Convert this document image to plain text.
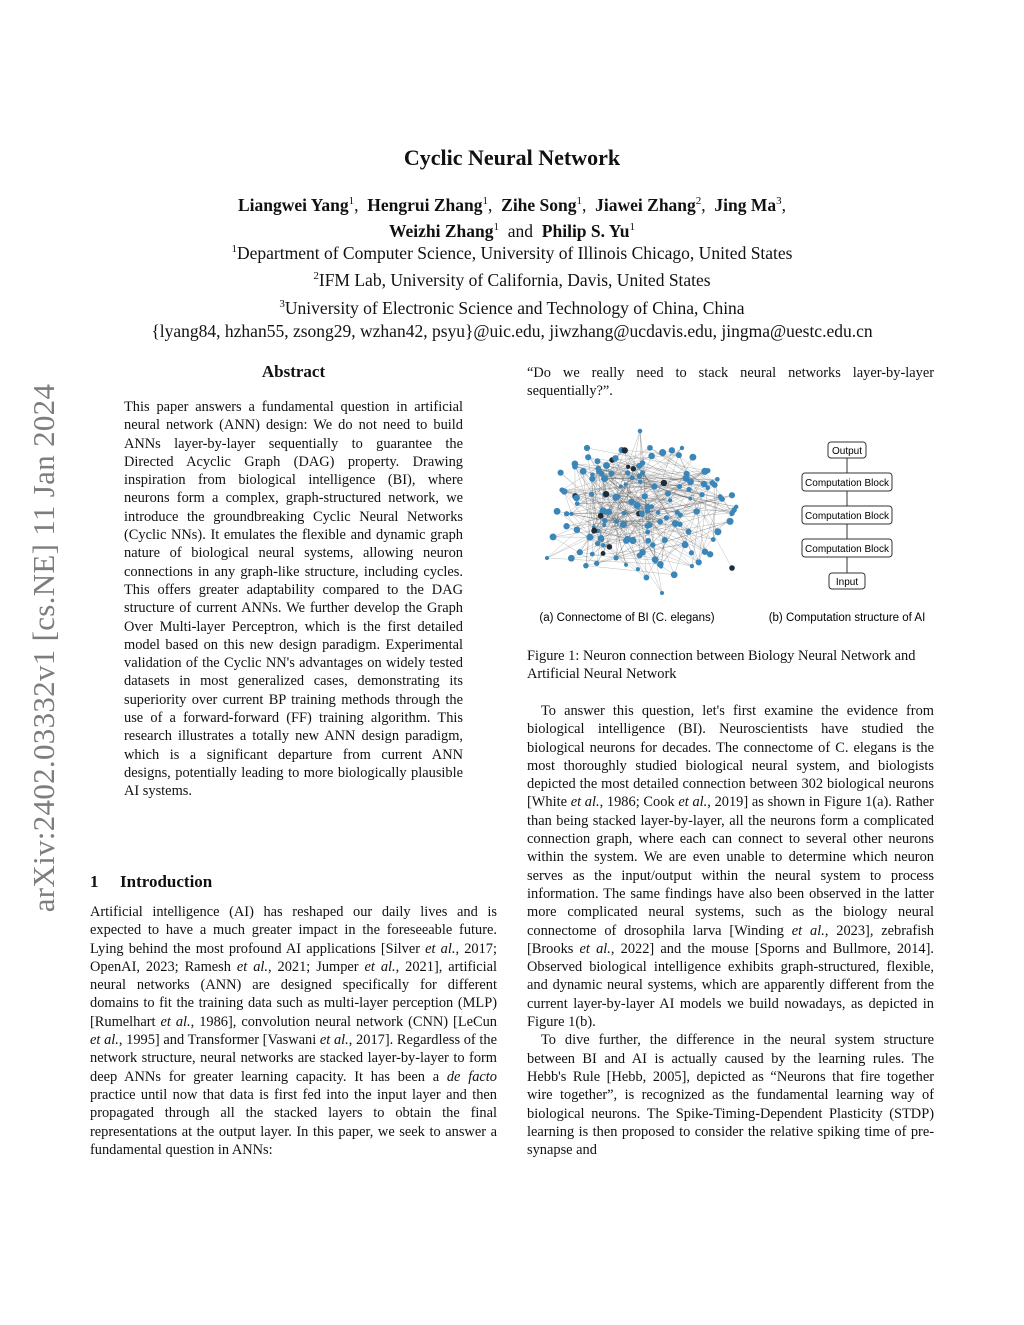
arXiv:2402.03332v1 [cs.NE] 11 Jan 2024
Cyclic Neural Network
Liangwei Yang$^1$,  Hengrui Zhang$^1$,  Zihe Song$^1$,  Jiawei Zhang$^2$,  Jing Ma$^3$,
Weizhi Zhang$^1$ and Philip S. Yu$^1$
$^1$Department of Computer Science, University of Illinois Chicago, United States
$^2$IFM Lab, University of California, Davis, United States
$^3$University of Electronic Science and Technology of China, China
{lyang84, hzhan55, zsong29, wzhan42, psyu}@uic.edu, jiwzhang@ucdavis.edu, jingma@uestc.edu.cn
Abstract

This paper answers a fundamental question in artificial neural network (ANN) design: We do not need to build ANNs layer-by-layer sequentially to guarantee the Directed Acyclic Graph (DAG) property. Drawing inspiration from biological intelligence (BI), where neurons form a complex, graph-structured network, we introduce the groundbreaking Cyclic Neural Networks (Cyclic NNs). It emulates the flexible and dynamic graph nature of biological neural systems, allowing neuron connections in any graph-like structure, including cycles. This offers greater adaptability compared to the DAG structure of current ANNs. We further develop the Graph Over Multi-layer Perceptron, which is the first detailed model based on this new design paradigm. Experimental validation of the Cyclic NN's advantages on widely tested datasets in most generalized cases, demonstrating its superiority over current BP training methods through the use of a forward-forward (FF) training algorithm. This research illustrates a totally new ANN design paradigm, which is a significant departure from current ANN designs, potentially leading to more biologically plausible AI systems.

1 Introduction

Artificial intelligence (AI) has reshaped our daily lives and is expected to have a much greater impact in the foreseeable future. Lying behind the most profound AI applications [Silver et al., 2017; OpenAI, 2023; Ramesh et al., 2021; Jumper et al., 2021], artificial neural networks (ANN) are designed specifically for different domains to fit the training data such as multi-layer perception (MLP) [Rumelhart et al., 1986], convolution neural network (CNN) [LeCun et al., 1995] and Transformer [Vaswani et al., 2017]. Regardless of the network structure, neural networks are stacked layer-by-layer to form deep ANNs for greater learning capacity. It has been a de facto practice until now that data is first fed into the input layer and then propagated through all the stacked layers to obtain the final representations at the output layer. In this paper, we seek to answer a fundamental question in ANNs:

“Do we really need to stack neural networks layer-by-layer sequentially?”.

Output
Computation Block
Computation Block
Computation Block
Input
(a) Connectome of BI (C. elegans)	(b) Computation structure of AI
Figure 1: Neuron connection between Biology Neural Network and Artificial Neural Network

To answer this question, let's first examine the evidence from biological intelligence (BI). Neuroscientists have studied the biological neurons for decades. The connectome of C. elegans is the most thoroughly studied biological neural system, and biologists depicted the most detailed connection between 302 biological neurons [White et al., 1986; Cook et al., 2019] as shown in Figure 1(a). Rather than being stacked layer-by-layer, all the neurons form a complicated connection graph, where each can connect to several other neurons within the system. We are even unable to determine which neuron serves as the input/output within the neural system to process information. The same findings have also been observed in the latter more complicated neural systems, such as the biology neural connectome of drosophila larva [Winding et al., 2023], zebrafish [Brooks et al., 2022] and the mouse [Sporns and Bullmore, 2014]. Observed biological intelligence exhibits graph-structured, flexible, and dynamic neural systems, which are apparently different from the current layer-by-layer AI models we build nowadays, as depicted in Figure 1(b).

To dive further, the difference in the neural system structure between BI and AI is actually caused by the learning rules. The Hebb's Rule [Hebb, 2005], depicted as “Neurons that fire together wire together”, is recognized as the fundamental learning way of biological neurons. The Spike-Timing-Dependent Plasticity (STDP) learning is then proposed to consider the relative spiking time of pre-synapse and
